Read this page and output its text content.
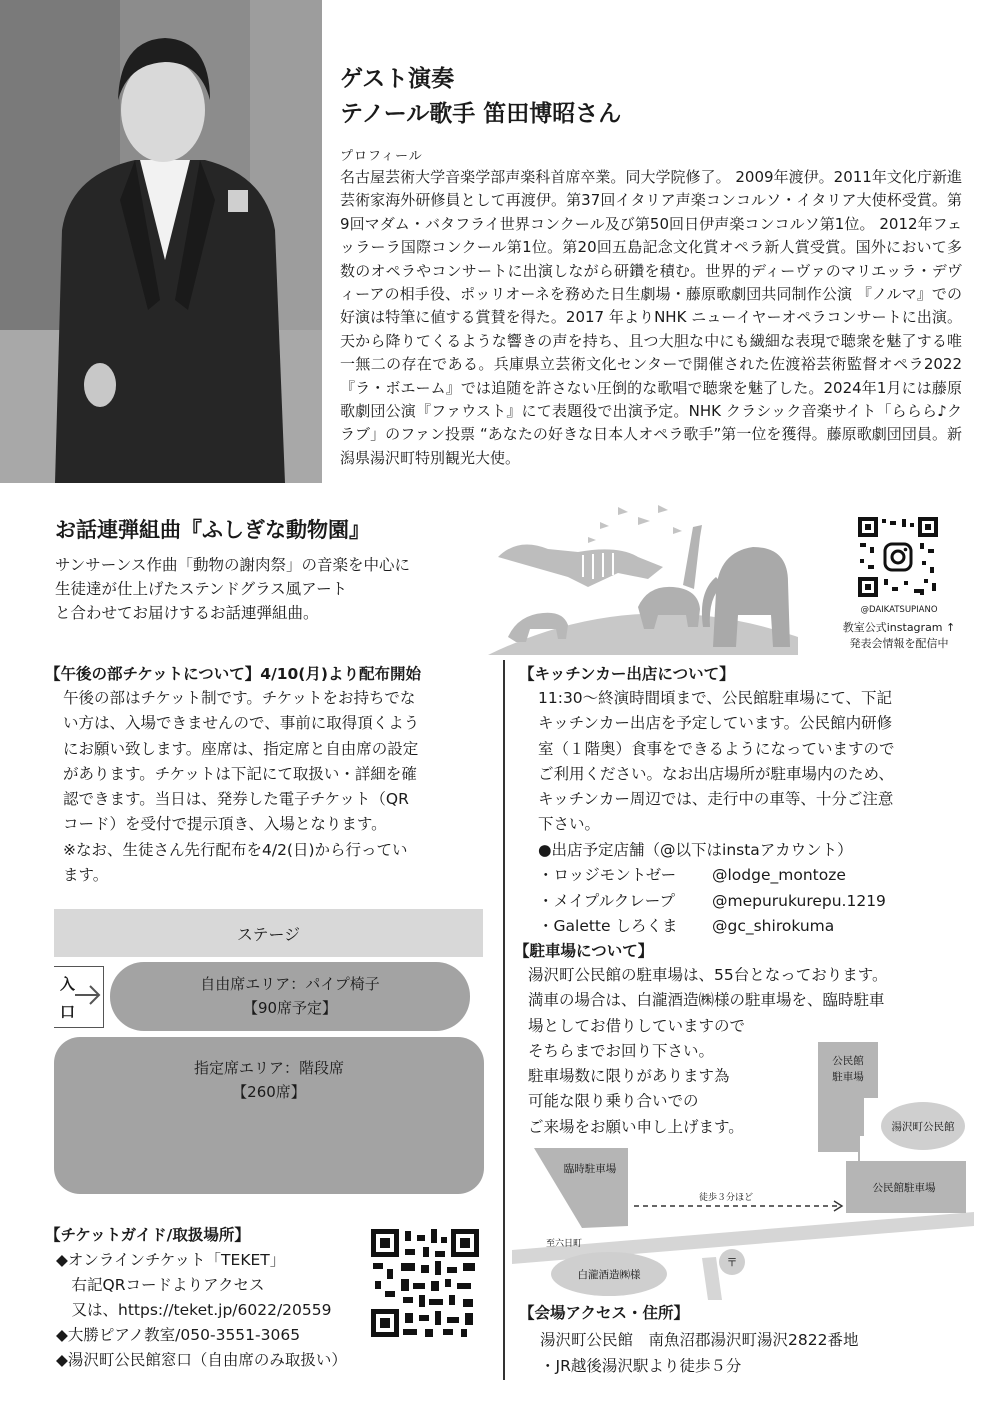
ゲスト演奏
テノール歌手 笛田博昭さん
プロフィール
名古屋芸術大学音楽学部声楽科首席卒業。同大学院修了。 2009年渡伊。2011年文化庁新進芸術家海外研修員として再渡伊。第37回イタリア声楽コンコルソ・イタリア大使杯受賞。第9回マダム・バタフライ世界コンクール及び第50回日伊声楽コンコルソ第1位。 2012年フェッラーラ国際コンクール第1位。第20回五島記念文化賞オペラ新人賞受賞。国外において多数のオペラやコンサートに出演しながら研鑽を積む。世界的ディーヴァのマリエッラ・デヴィーアの相手役、ポッリオーネを務めた日生劇場・藤原歌劇団共同制作公演 『ノルマ』での好演は特筆に値する賞賛を得た。2017 年よりNHK ニューイヤーオペラコンサートに出演。 天から降りてくるような響きの声を持ち、且つ大胆な中にも繊細な表現で聴衆を魅了する唯一無二の存在である。兵庫県立芸術文化センターで開催された佐渡裕芸術監督オペラ2022『ラ・ボエーム』では追随を許さない圧倒的な歌唱で聴衆を魅了した。2024年1月には藤原歌劇団公演『ファウスト』にて表題役で出演予定。NHK クラシック音楽サイト「ららら♪クラブ」のファン投票 “あなたの好きな日本人オペラ歌手”第一位を獲得。藤原歌劇団団員。新潟県湯沢町特別観光大使。
お話連弾組曲『ふしぎな動物園』
サンサーンス作曲「動物の謝肉祭」の音楽を中心に
生徒達が仕上げたステンドグラス風アート
と合わせてお届けするお話連弾組曲。	@DAIKATSUPIANO
教室公式instagram ↑
発表会情報を配信中
【午後の部チケットについて】4/10(月)より配布開始
午後の部はチケット制です。チケットをお持ちでな
い方は、入場できませんので、事前に取得頂くよう
にお願い致します。座席は、指定席と自由席の設定
があります。チケットは下記にて取扱い・詳細を確
認できます。当日は、発券した電子チケット（QR
コード）を受付で提示頂き、入場となります。
※なお、生徒さん先行配布を4/2(日)から行ってい
ます。
ステージ
入
口
自由席エリア：パイプ椅子
【90席予定】
指定席エリア：階段席
【260席】
【チケットガイド/取扱場所】
◆オンラインチケット「TEKET」
　右記QRコードよりアクセス
　又は、https://teket.jp/6022/20559
◆大勝ピアノ教室/050-3551-3065
◆湯沢町公民館窓口（自由席のみ取扱い）
【キッチンカー出店について】
11:30〜終演時間頃まで、公民館駐車場にて、下記
キッチンカー出店を予定しています。公民館内研修
室（１階奥）食事をできるようになっていますので
ご利用ください。なお出店場所が駐車場内のため、
キッチンカー周辺では、走行中の車等、十分ご注意
下さい。
●出店予定店舗（@以下はinstaアカウント）
・ロッジモントゼー	@lodge_montoze
・メイプルクレープ	@mepurukurepu.1219
・Galette しろくま	@gc_shirokuma
【駐車場について】
湯沢町公民館の駐車場は、55台となっております。
満車の場合は、白瀧酒造㈱様の駐車場を、臨時駐車
場としてお借りしていますので
そちらまでお回り下さい。
駐車場数に限りがあります為
可能な限り乗り合いでの
ご来場をお願い申し上げます。
公民館
駐車場
湯沢町公民館
公民館駐車場
臨時駐車場
徒歩３分ほど
至六日町
白瀧酒造㈱様
〒
【会場アクセス・住所】
湯沢町公民館　南魚沼郡湯沢町湯沢2822番地
・JR越後湯沢駅より徒歩５分
